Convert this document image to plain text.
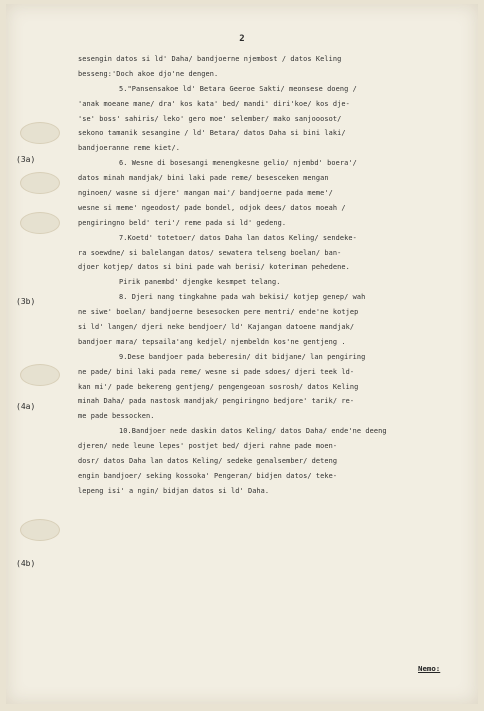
2
(3a)
(3b)
(4a)
(4b)
sesengin datos si ld' Daha/ bandjoerne njembost / datos Keling
besseng:'Doch akoe djo'ne dengen.
5."Pansensakoe ld' Betara Geeroe Sakti/ meonsese doeng /
'anak moeane mane/ dra' kos kata' bed/ mandi' diri'koe/ kos dje-
'se' boss' sahiris/ leko' gero moe' selember/ mako sanjooosot/
sekono tamanik sesangine / ld' Betara/ datos Daha si bini laki/
bandjoeranne reme kiet/.
6. Wesne di bosesangi menengkesne gelio/ njembd' boera'/
datos minah mandjak/ bini laki pade reme/ besesceken mengan
nginoen/ wasne si djere' mangan mai'/ bandjoerne pada meme'/
wesne si meme' ngeodost/ pade bondel, odjok dees/ datos moeah /
pengiringno beld' teri'/ reme pada si ld' gedeng.
7.Koetd' totetoer/ datos Daha lan datos Keling/ sendeke-
ra soewdne/ si balelangan datos/ sewatera telseng boelan/ ban-
djoer kotjep/ datos si bini pade wah berisi/ koteriman pehedene.
Pirik panembd' djengke kesmpet telang.
8. Djeri nang tingkahne pada wah bekisi/ kotjep genep/ wah
ne siwe' boelan/ bandjoerne besesocken pere mentri/ ende'ne kotjep
si ld' langen/ djeri neke bendjoer/ ld' Kajangan datoene mandjak/
bandjoer mara/ tepsaila'ang kedjel/ njembeldn kos'ne gentjeng .
9.Dese bandjoer pada beberesin/ dit bidjane/ lan pengiring
ne pade/ bini laki pada reme/ wesne si pade sdoes/ djeri teek ld-
kan mi'/ pade bekereng gentjeng/ pengengeoan sosrosh/ datos Keling
minah Daha/ pada nastosk mandjak/ pengiringno bedjore' tarik/ re-
me pade bessocken.
10.Bandjoer nede daskin datos Keling/ datos Daha/ ende'ne deeng
djeren/ nede leune lepes' postjet bed/ djeri rahne pade moen-
dosr/ datos Daha lan datos Keling/ sedeke genalsember/ deteng
engin bandjoer/ seking kossoka' Pengeran/ bidjen datos/ teke-
lepeng isi' a ngin/ bidjan datos si ld' Daha.
Nemo:
